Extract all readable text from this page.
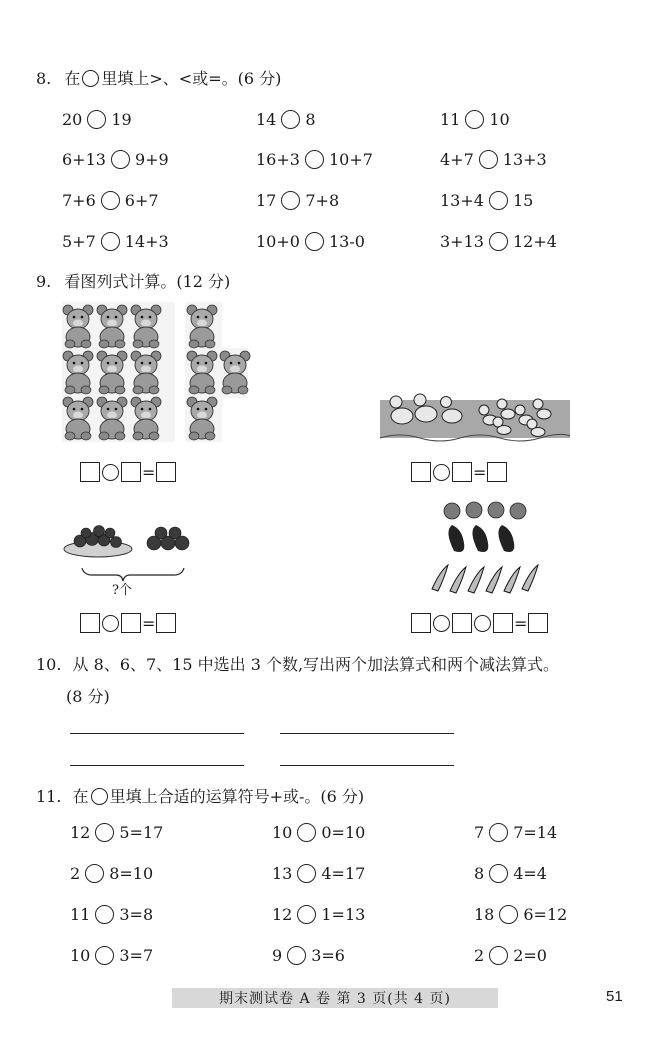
8. 在 里填上>、<或=。(6 分)
20 19	14 8	11 10
6+13 9+9	16+3 10+7	4+7 13+3
7+6 6+7	17 7+8	13+4 15
5+7 14+3	10+0 13-0	3+13 12+4
9. 看图列式计算。(12 分)
=	=
?个
=	=
10. 从 8、6、7、15 中选出 3 个数,写出两个加法算式和两个减法算式。
(8 分)
11. 在 里填上合适的运算符号+或-。(6 分)
12 5=17	10 0=10	7 7=14
2 8=10	13 4=17	8 4=4
11 3=8	12 1=13	18 6=12
10 3=7	9 3=6	2 2=0
期末测试卷 A 卷 第 3 页(共 4 页)	51
